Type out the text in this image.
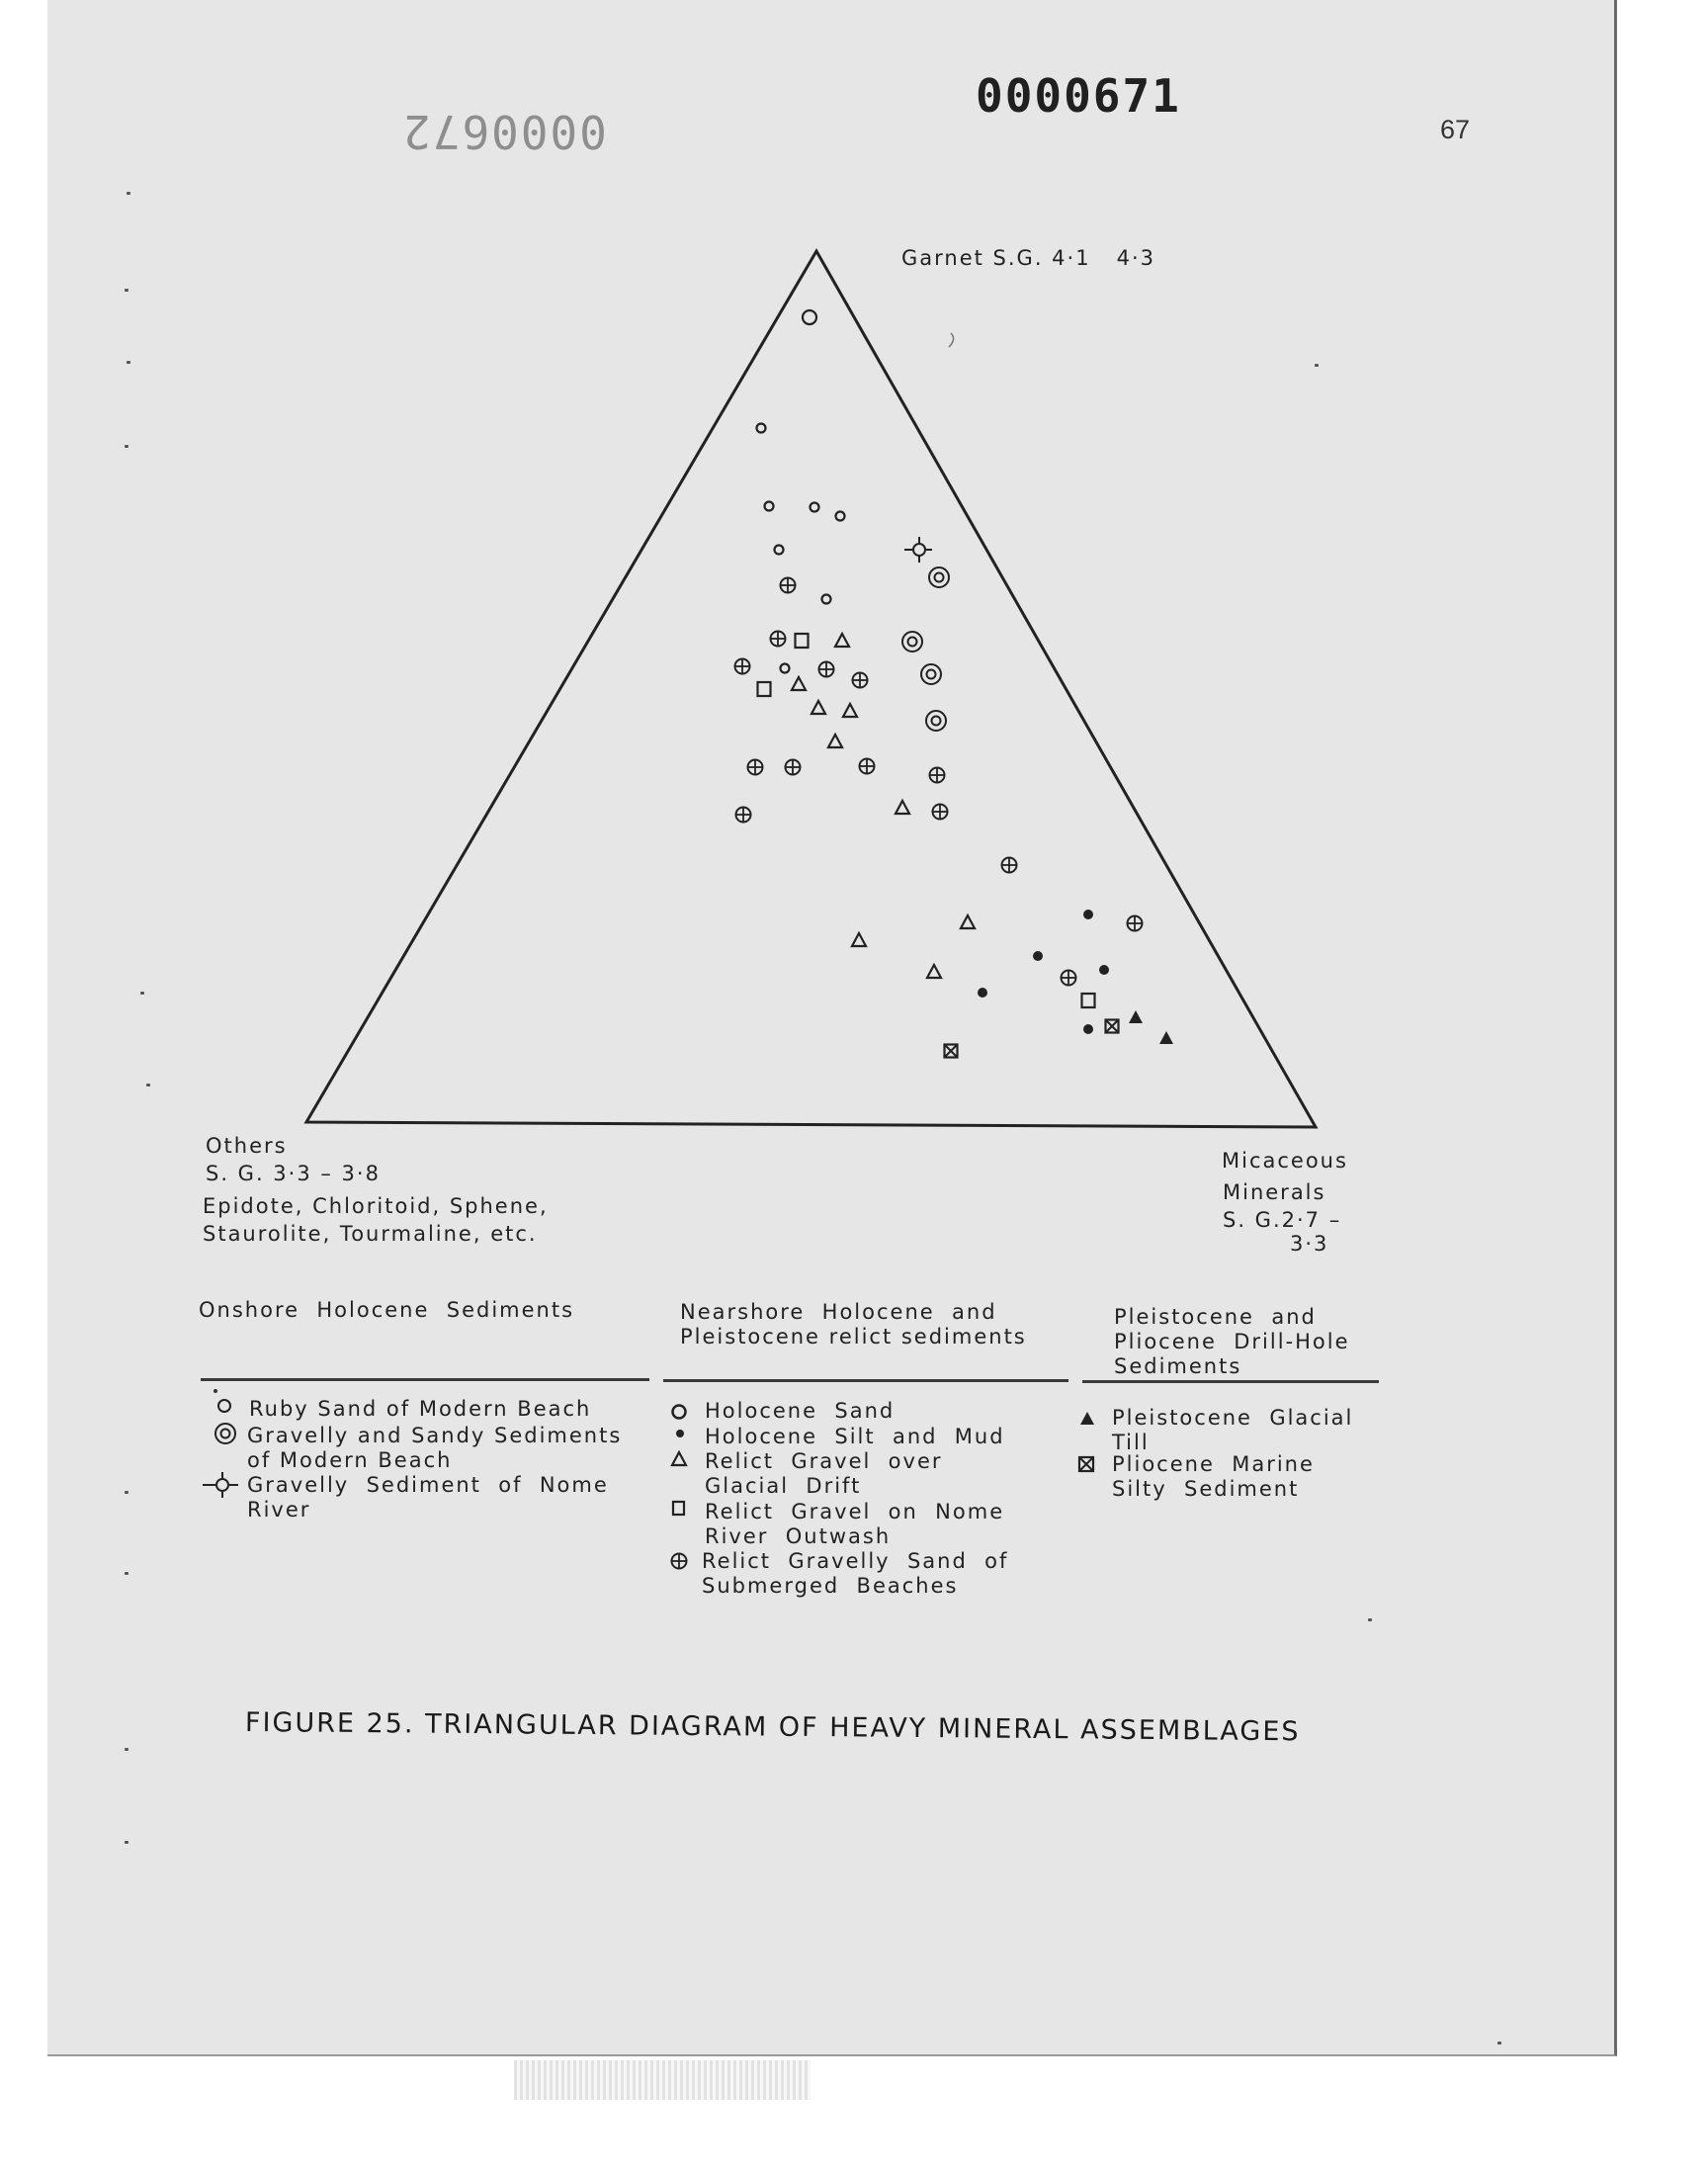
0000671
0000672	67
Garnet S.G. 4·1   4·3
Others
S. G. 3·3 – 3·8
Epidote, Chloritoid, Sphene,
Staurolite, Tourmaline, etc.
Micaceous
Minerals
S. G.2·7 –
3·3
Onshore  Holocene  Sediments	Nearshore  Holocene  and
Pleistocene relict sediments
Pleistocene  and
Pliocene  Drill-Hole
Sediments
Ruby Sand of Modern Beach
Gravelly and Sandy Sediments
of Modern Beach
Gravelly  Sediment  of  Nome
River
Holocene  Sand
Holocene  Silt  and  Mud
Relict  Gravel  over
Glacial  Drift
Relict  Gravel  on  Nome
River  Outwash
Relict  Gravelly  Sand  of
Submerged  Beaches
Pleistocene  Glacial
Till
Pliocene  Marine
Silty  Sediment
FIGURE 25. TRIANGULAR DIAGRAM OF HEAVY MINERAL ASSEMBLAGES
